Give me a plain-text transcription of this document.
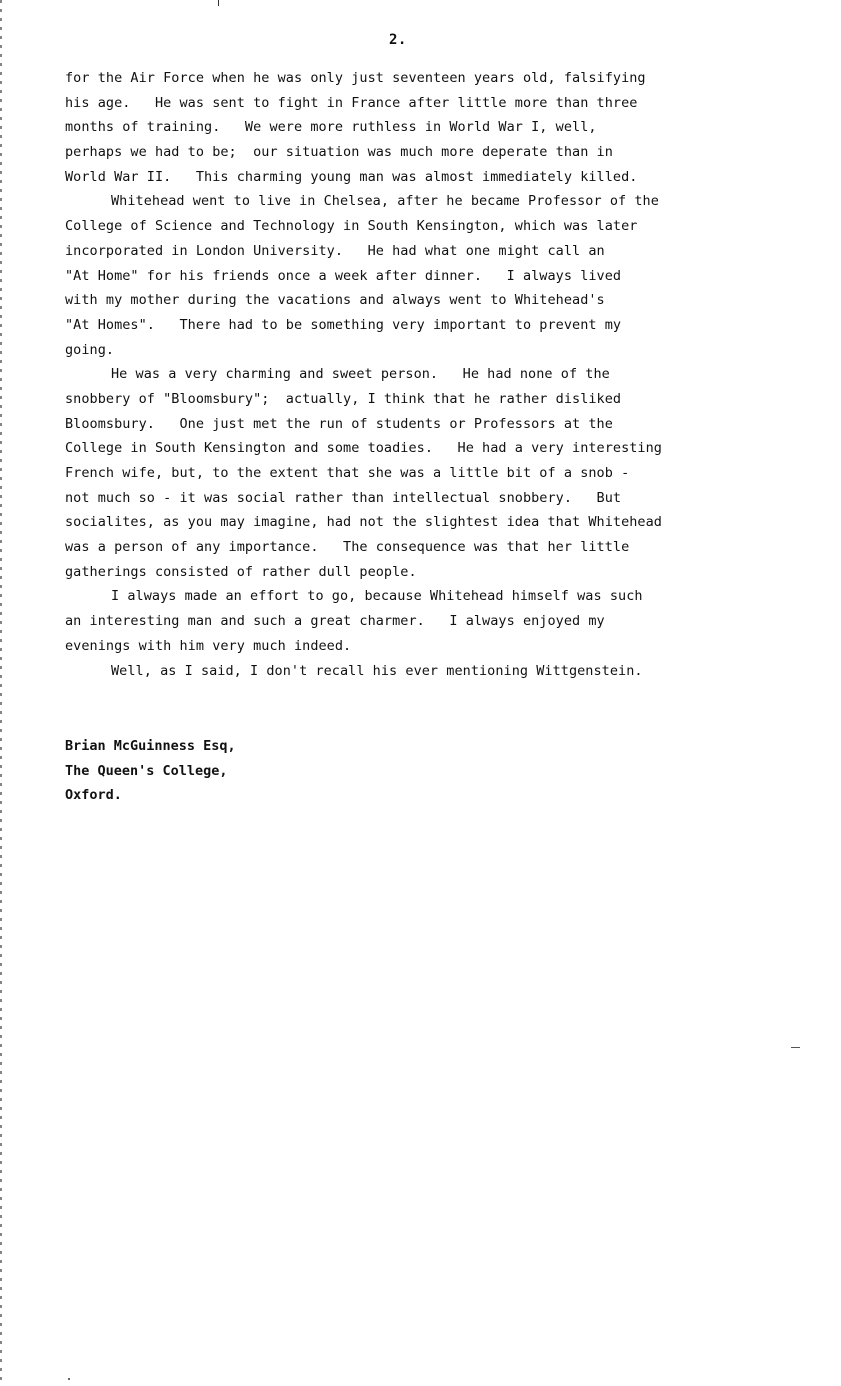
2.
for the Air Force when he was only just seventeen years old, falsifying
his age.   He was sent to fight in France after little more than three
months of training.   We were more ruthless in World War I, well,
perhaps we had to be;  our situation was much more deperate than in
World War II.   This charming young man was almost immediately killed.
Whitehead went to live in Chelsea, after he became Professor of the
College of Science and Technology in South Kensington, which was later
incorporated in London University.   He had what one might call an
"At Home" for his friends once a week after dinner.   I always lived
with my mother during the vacations and always went to Whitehead's
"At Homes".   There had to be something very important to prevent my
going.
He was a very charming and sweet person.   He had none of the
snobbery of "Bloomsbury";  actually, I think that he rather disliked
Bloomsbury.   One just met the run of students or Professors at the
College in South Kensington and some toadies.   He had a very interesting
French wife, but, to the extent that she was a little bit of a snob -
not much so - it was social rather than intellectual snobbery.   But
socialites, as you may imagine, had not the slightest idea that Whitehead
was a person of any importance.   The consequence was that her little
gatherings consisted of rather dull people.
I always made an effort to go, because Whitehead himself was such
an interesting man and such a great charmer.   I always enjoyed my
evenings with him very much indeed.
Well, as I said, I don't recall his ever mentioning Wittgenstein.
Brian McGuinness Esq,
The Queen's College,
Oxford.
